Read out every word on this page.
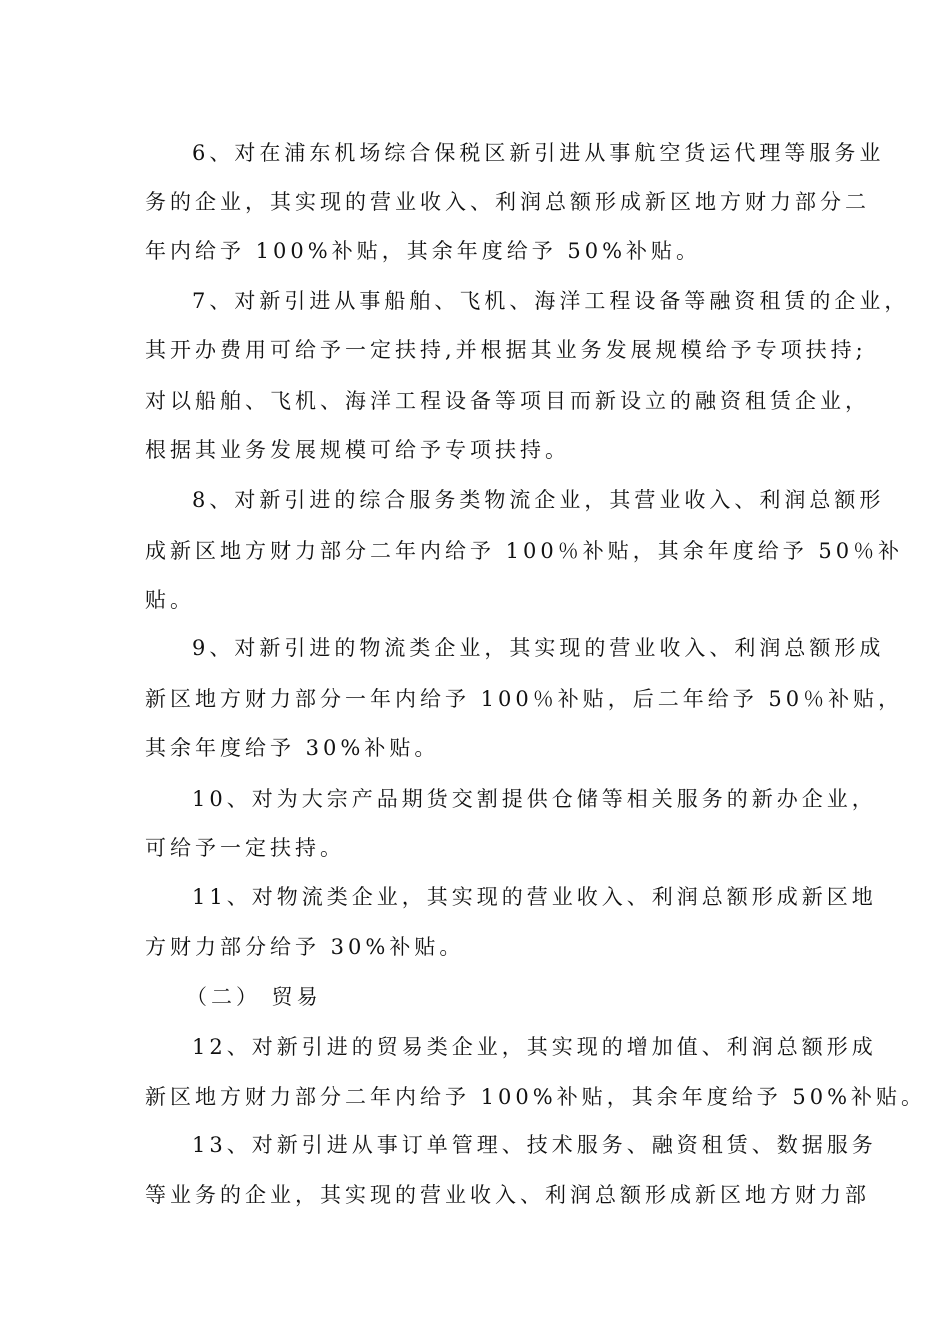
6、对在浦东机场综合保税区新引进从事航空货运代理等服务业
务的企业，其实现的营业收入、利润总额形成新区地方财力部分二
年内给予 100%补贴，其余年度给予 50%补贴。
7、对新引进从事船舶、飞机、海洋工程设备等融资租赁的企业，
其开办费用可给予一定扶持,并根据其业务发展规模给予专项扶持;
对以船舶、飞机、海洋工程设备等项目而新设立的融资租赁企业，
根据其业务发展规模可给予专项扶持。
8、对新引进的综合服务类物流企业，其营业收入、利润总额形
成新区地方财力部分二年内给予 100％补贴，其余年度给予 50％补
贴。
9、对新引进的物流类企业，其实现的营业收入、利润总额形成
新区地方财力部分一年内给予 100％补贴，后二年给予 50％补贴，
其余年度给予 30%补贴。
10、对为大宗产品期货交割提供仓储等相关服务的新办企业，
可给予一定扶持。
11、对物流类企业，其实现的营业收入、利润总额形成新区地
方财力部分给予 30%补贴。
（二） 贸易
12、对新引进的贸易类企业，其实现的增加值、利润总额形成
新区地方财力部分二年内给予 100%补贴，其余年度给予 50%补贴。
13、对新引进从事订单管理、技术服务、融资租赁、数据服务
等业务的企业，其实现的营业收入、利润总额形成新区地方财力部
